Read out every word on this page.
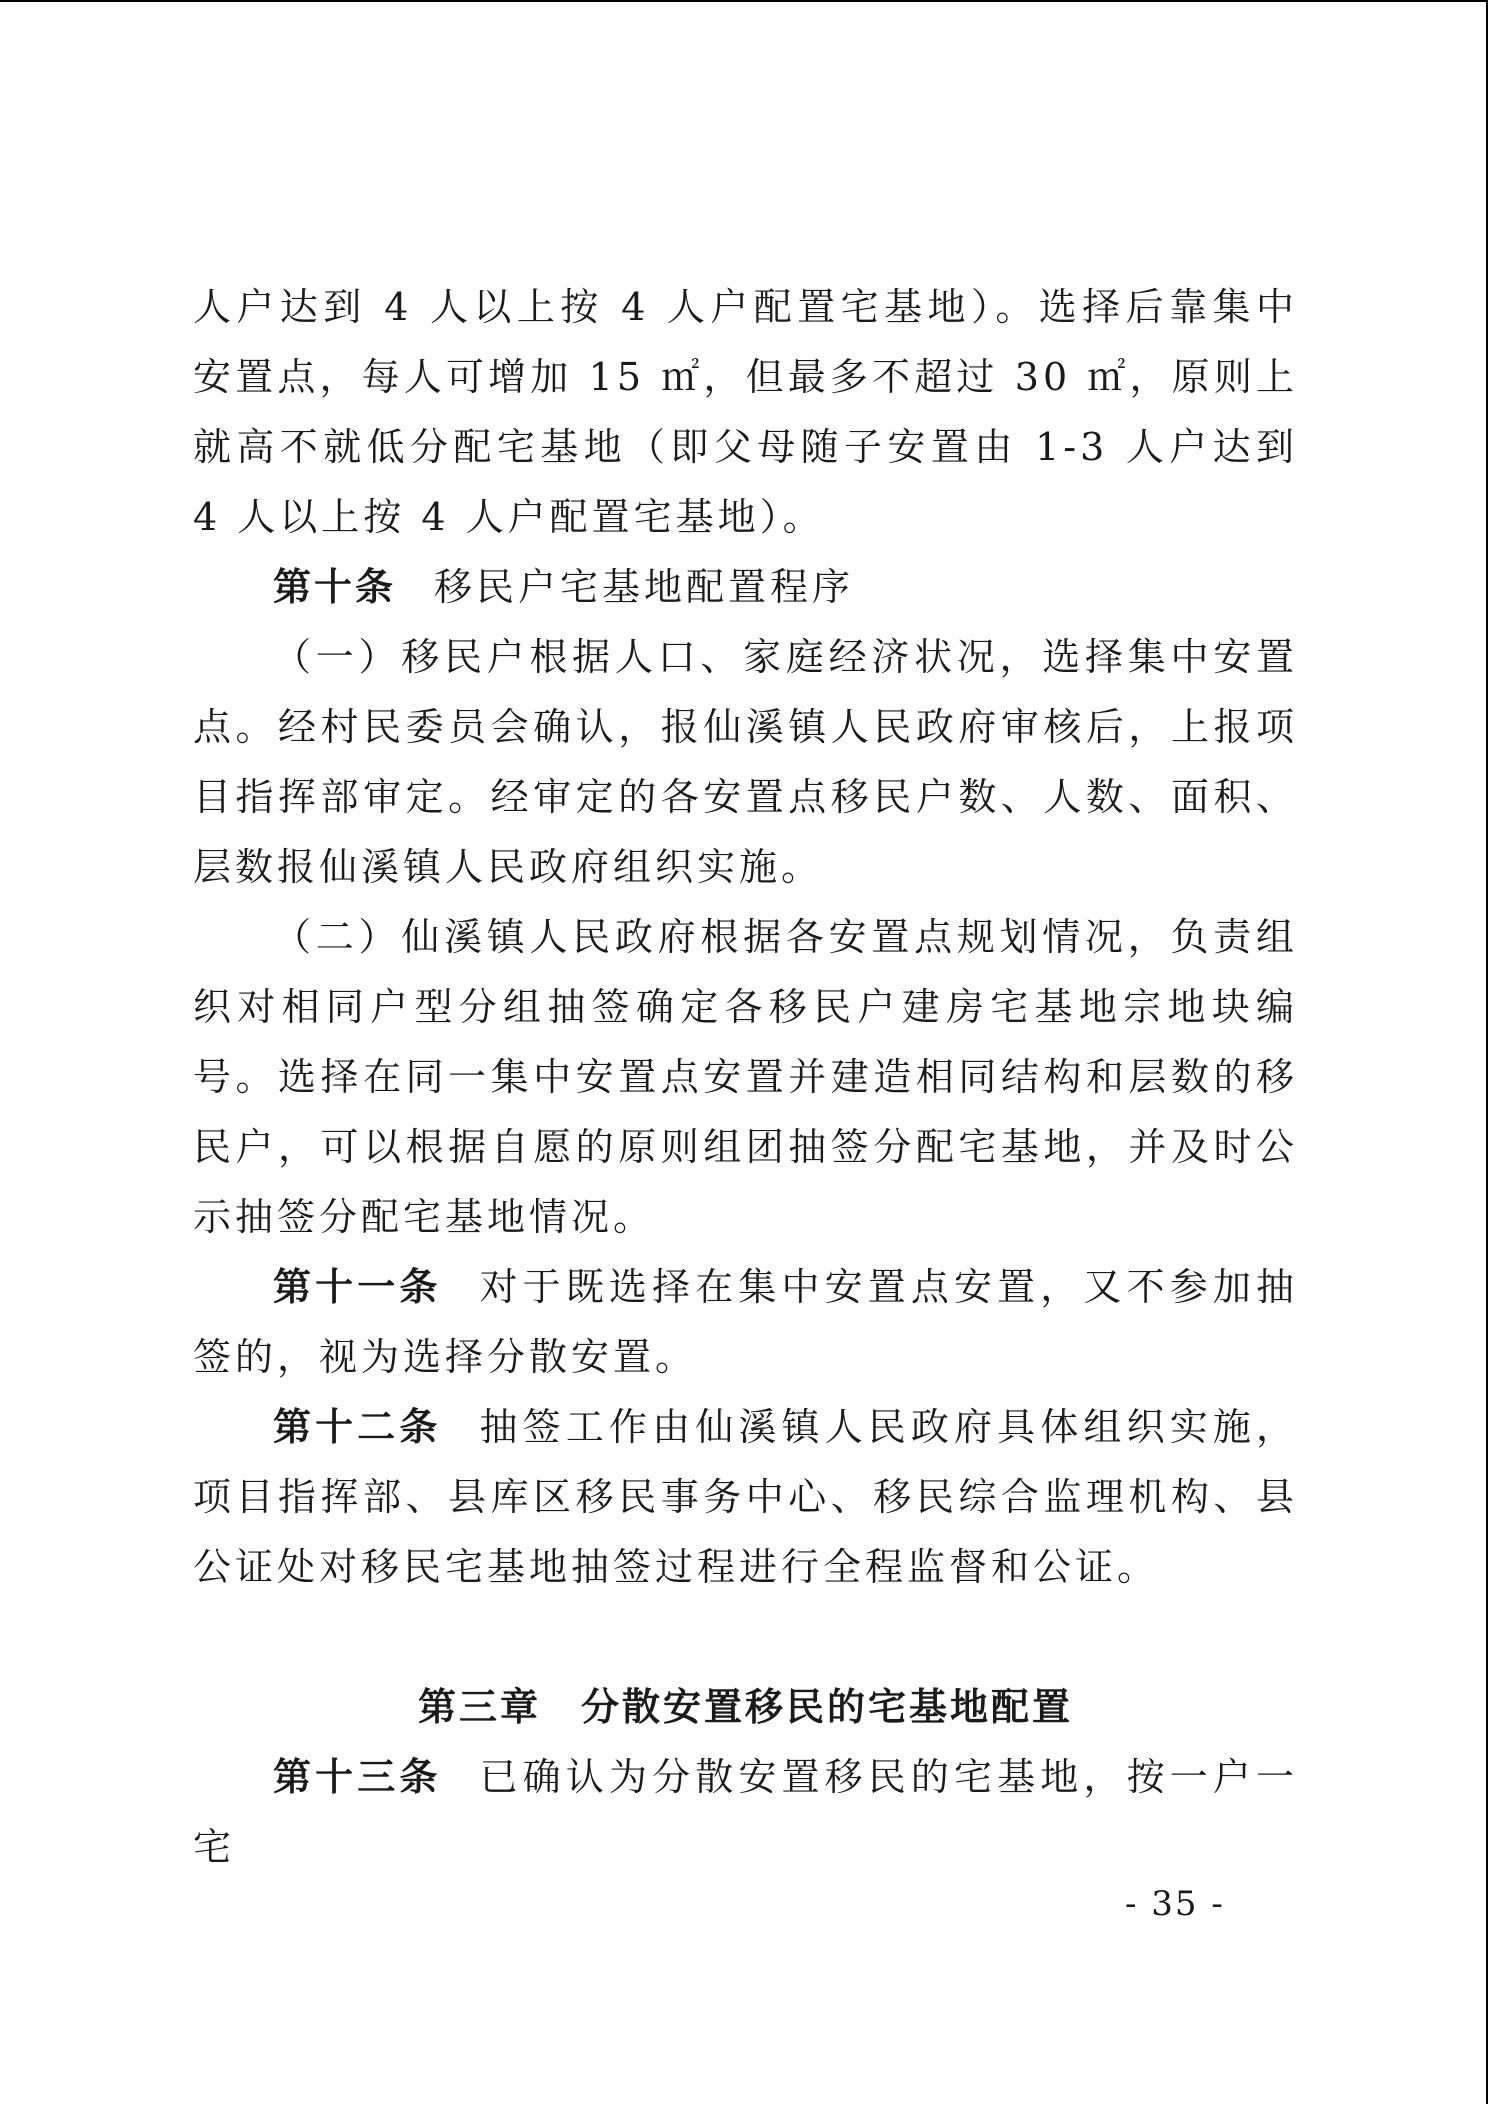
人户达到 4 人以上按 4 人户配置宅基地）。选择后靠集中安置点，每人可增加 15 ㎡，但最多不超过 30 ㎡，原则上就高不就低分配宅基地（即父母随子安置由 1-3 人户达到 4 人以上按 4 人户配置宅基地）。

第十条 移民户宅基地配置程序

（一）移民户根据人口、家庭经济状况，选择集中安置点。经村民委员会确认，报仙溪镇人民政府审核后，上报项目指挥部审定。经审定的各安置点移民户数、人数、面积、层数报仙溪镇人民政府组织实施。

（二）仙溪镇人民政府根据各安置点规划情况，负责组织对相同户型分组抽签确定各移民户建房宅基地宗地块编号。选择在同一集中安置点安置并建造相同结构和层数的移民户，可以根据自愿的原则组团抽签分配宅基地，并及时公示抽签分配宅基地情况。

第十一条 对于既选择在集中安置点安置，又不参加抽签的，视为选择分散安置。

第十二条 抽签工作由仙溪镇人民政府具体组织实施，项目指挥部、县库区移民事务中心、移民综合监理机构、县公证处对移民宅基地抽签过程进行全程监督和公证。

第三章 分散安置移民的宅基地配置

第十三条 已确认为分散安置移民的宅基地，按一户一宅

- 35 -
